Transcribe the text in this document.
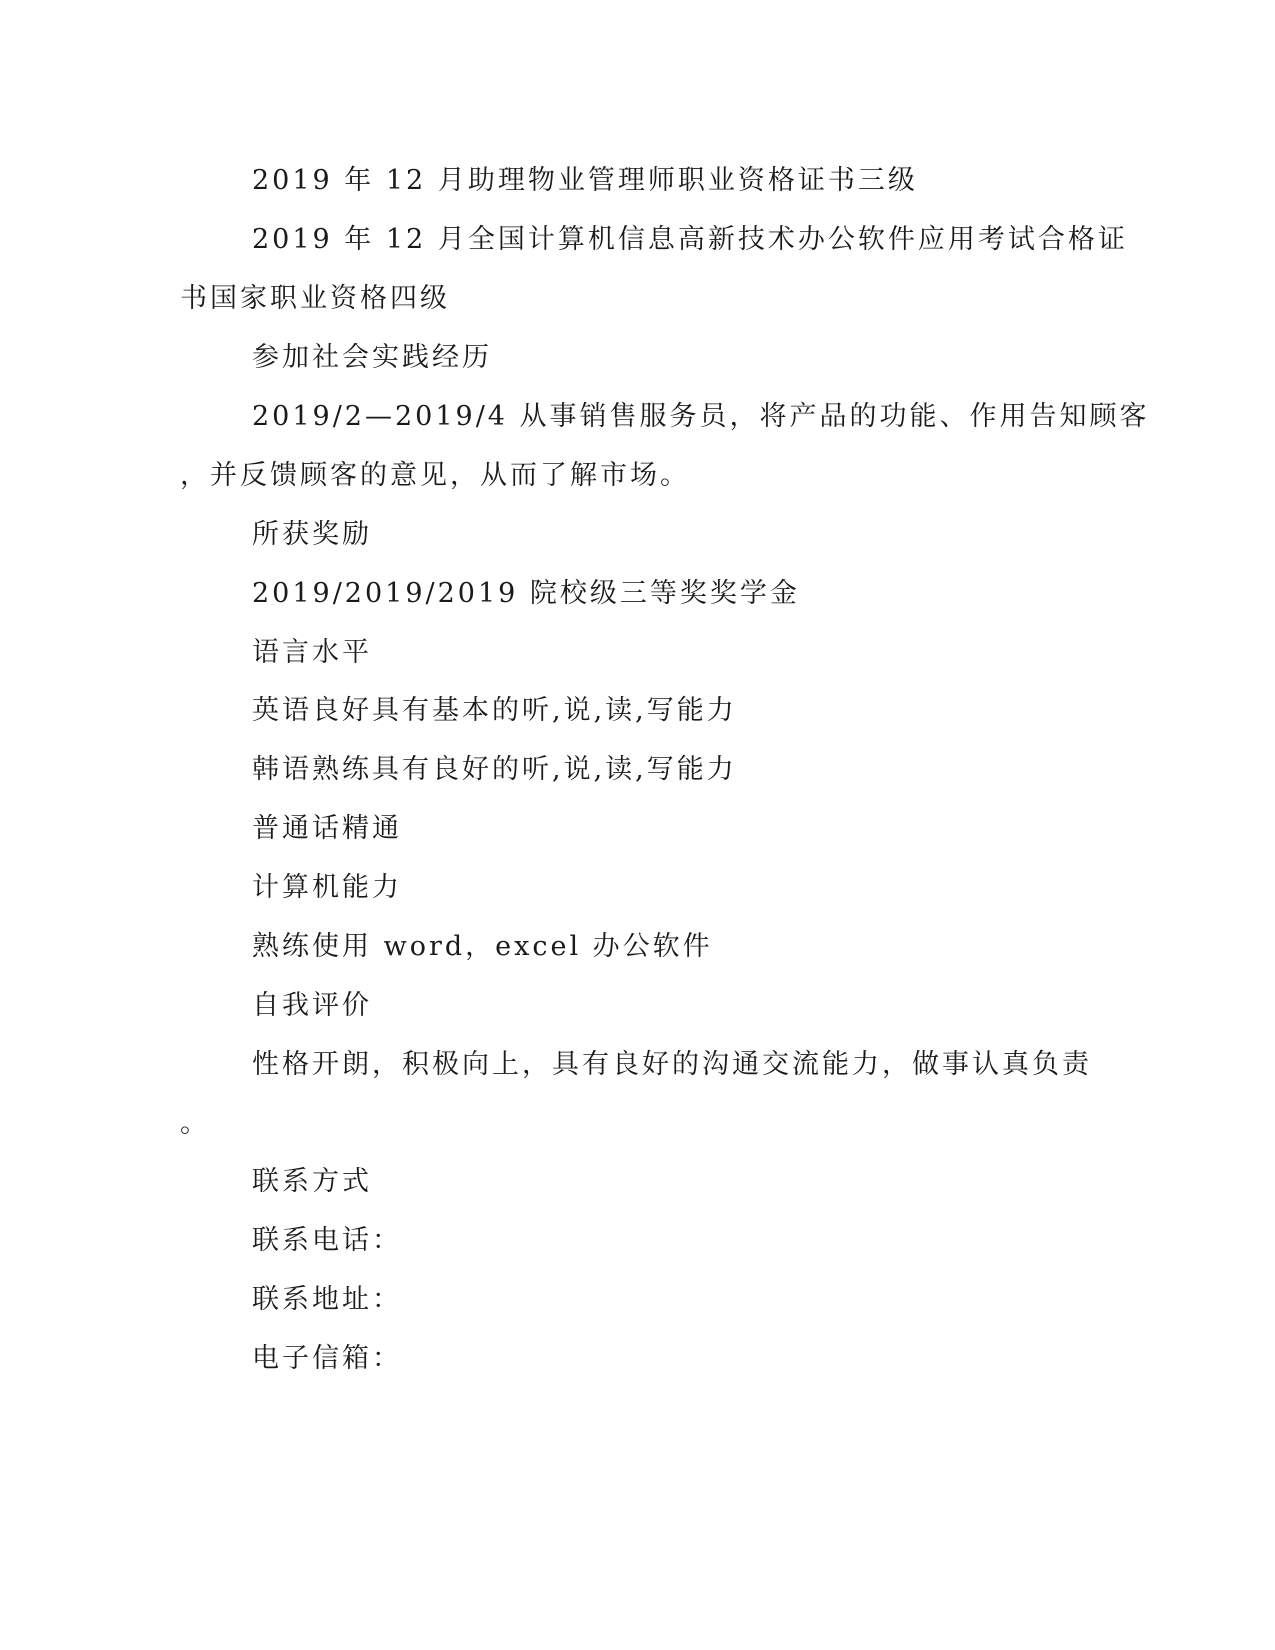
2019 年 12 月助理物业管理师职业资格证书三级

2019 年 12 月全国计算机信息高新技术办公软件应用考试合格证

书国家职业资格四级

参加社会实践经历

2019/2—2019/4 从事销售服务员，将产品的功能、作用告知顾客

，并反馈顾客的意见，从而了解市场。

所获奖励

2019/2019/2019 院校级三等奖奖学金

语言水平

英语良好具有基本的听,说,读,写能力

韩语熟练具有良好的听,说,读,写能力

普通话精通

计算机能力

熟练使用 word，excel 办公软件

自我评价

性格开朗，积极向上，具有良好的沟通交流能力，做事认真负责

。

联系方式

联系电话：

联系地址：

电子信箱：
